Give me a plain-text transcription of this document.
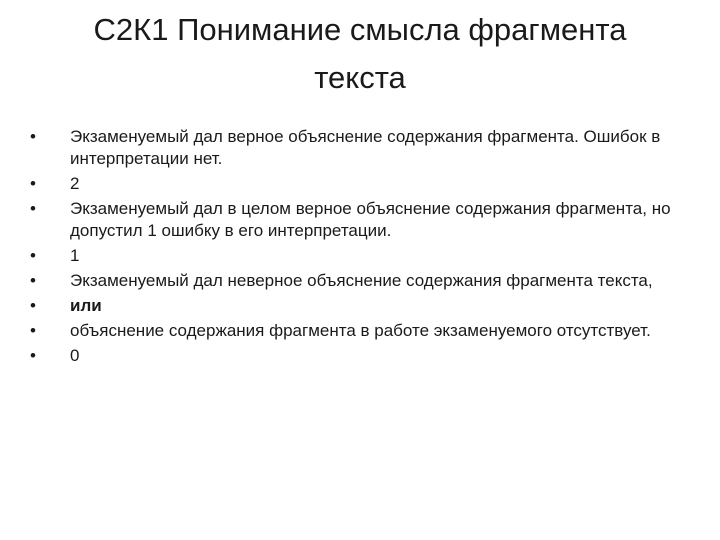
С2К1 Понимание смысла фрагмента
текста
•	Экзаменуемый дал верное объяснение содержания фрагмента. Ошибок в интерпретации нет.
•	2
•	Экзаменуемый дал в целом верное объяснение содержания фрагмента, но допустил 1 ошибку в его интерпретации.
•	1
•	Экзаменуемый дал неверное объяснение содержания фрагмента текста,
•	или
•	объяснение содержания фрагмента в работе экзаменуемого отсутствует.
•	0
